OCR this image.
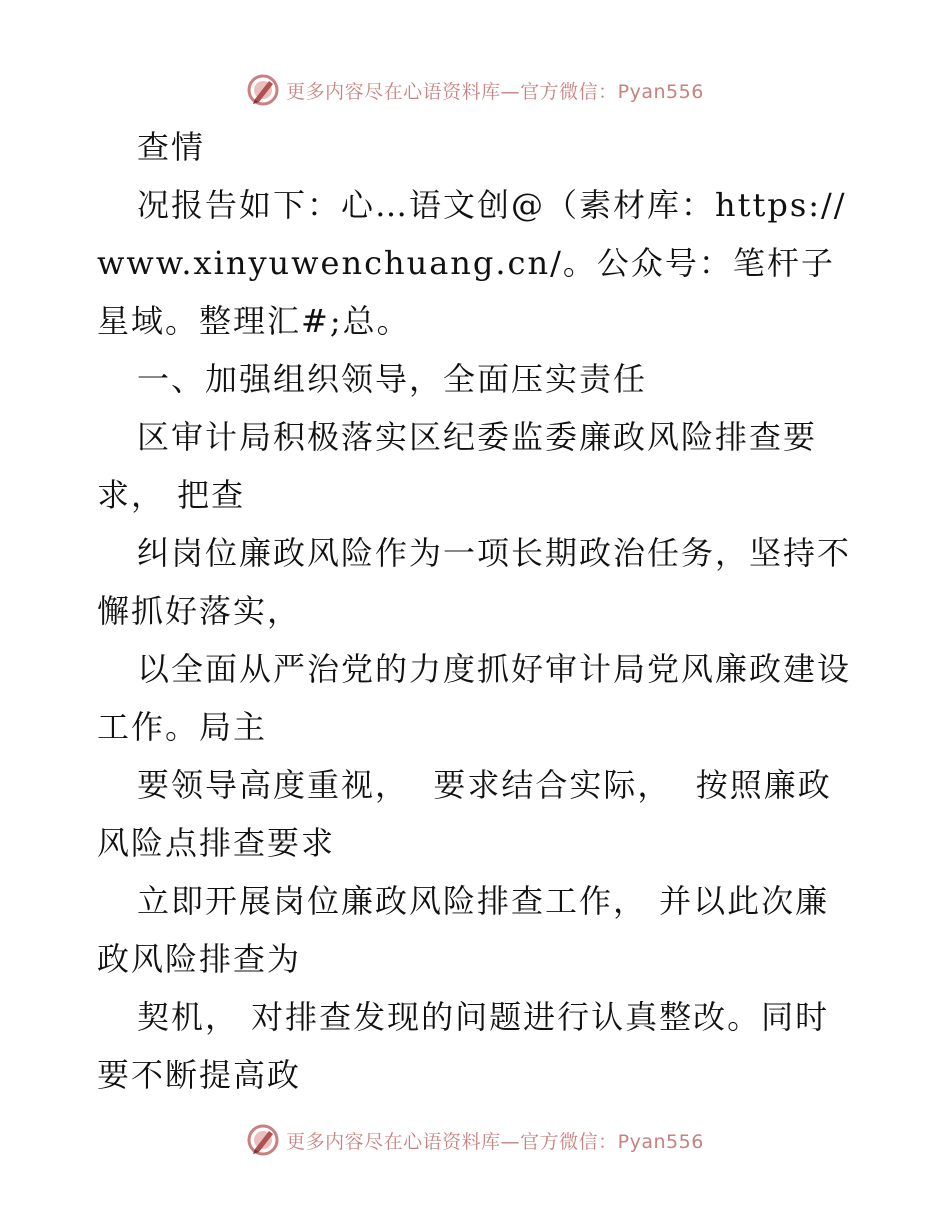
更多内容尽在心语资料库—官方微信：Pyan556

查情

况报告如下：心…语文创@（素材库：https://www.xinyuwenchuang.cn/。公众号：笔杆子星域。整理汇#;总。

一、加强组织领导，全面压实责任

区审计局积极落实区纪委监委廉政风险排查要求， 把查

纠岗位廉政风险作为一项长期政治任务，坚持不懈抓好落实，

以全面从严治党的力度抓好审计局党风廉政建设工作。局主

要领导高度重视，  要求结合实际，  按照廉政风险点排查要求

立即开展岗位廉政风险排查工作， 并以此次廉政风险排查为

契机， 对排查发现的问题进行认真整改。同时要不断提高政

更多内容尽在心语资料库—官方微信：Pyan556
